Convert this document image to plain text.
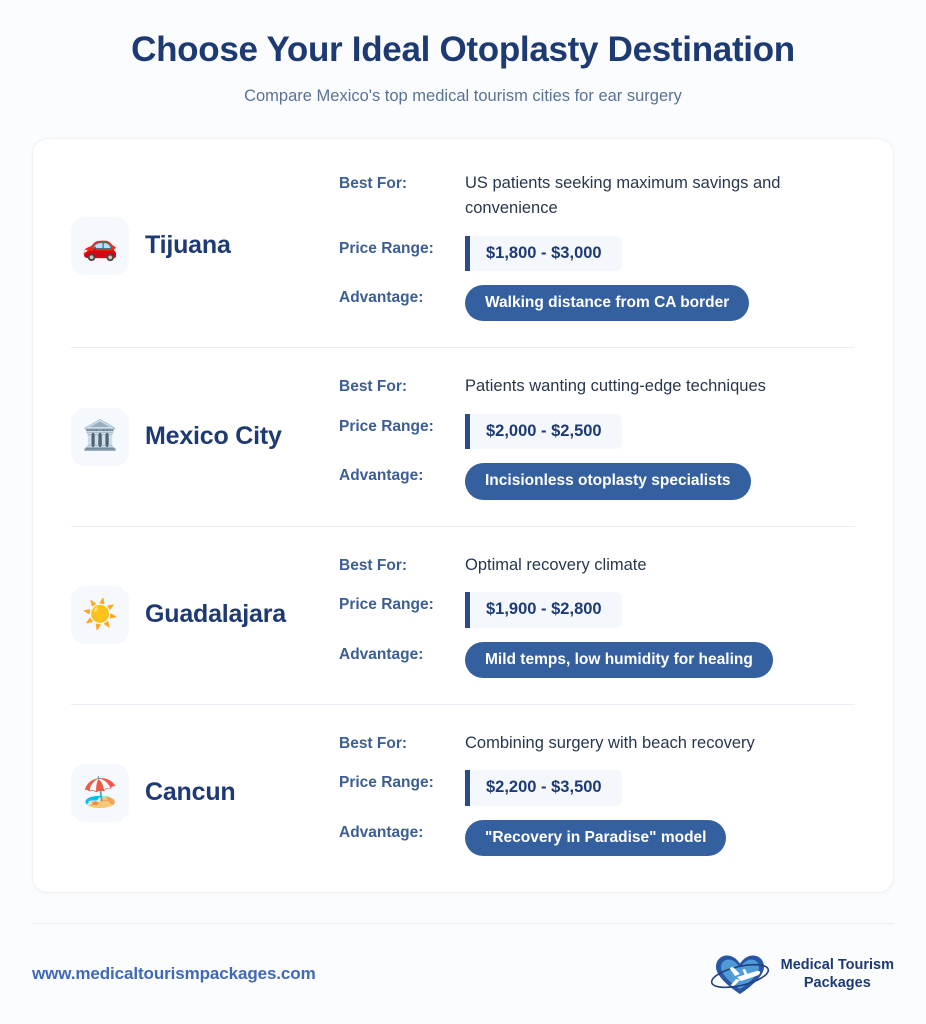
Choose Your Ideal Otoplasty Destination

Compare Mexico's top medical tourism cities for ear surgery

🚗	Tijuana
Best For:	US patients seeking maximum savings and convenience
Price Range:	$1,800 - $3,000
Advantage:	Walking distance from CA border
🏛️	Mexico City
Best For:	Patients wanting cutting-edge techniques
Price Range:	$2,000 - $2,500
Advantage:	Incisionless otoplasty specialists
☀️	Guadalajara
Best For:	Optimal recovery climate
Price Range:	$1,900 - $2,800
Advantage:	Mild temps, low humidity for healing
🏖️	Cancun
Best For:	Combining surgery with beach recovery
Price Range:	$2,200 - $3,500
Advantage:	"Recovery in Paradise" model
www.medicaltourismpackages.com	Medical Tourism
Packages
